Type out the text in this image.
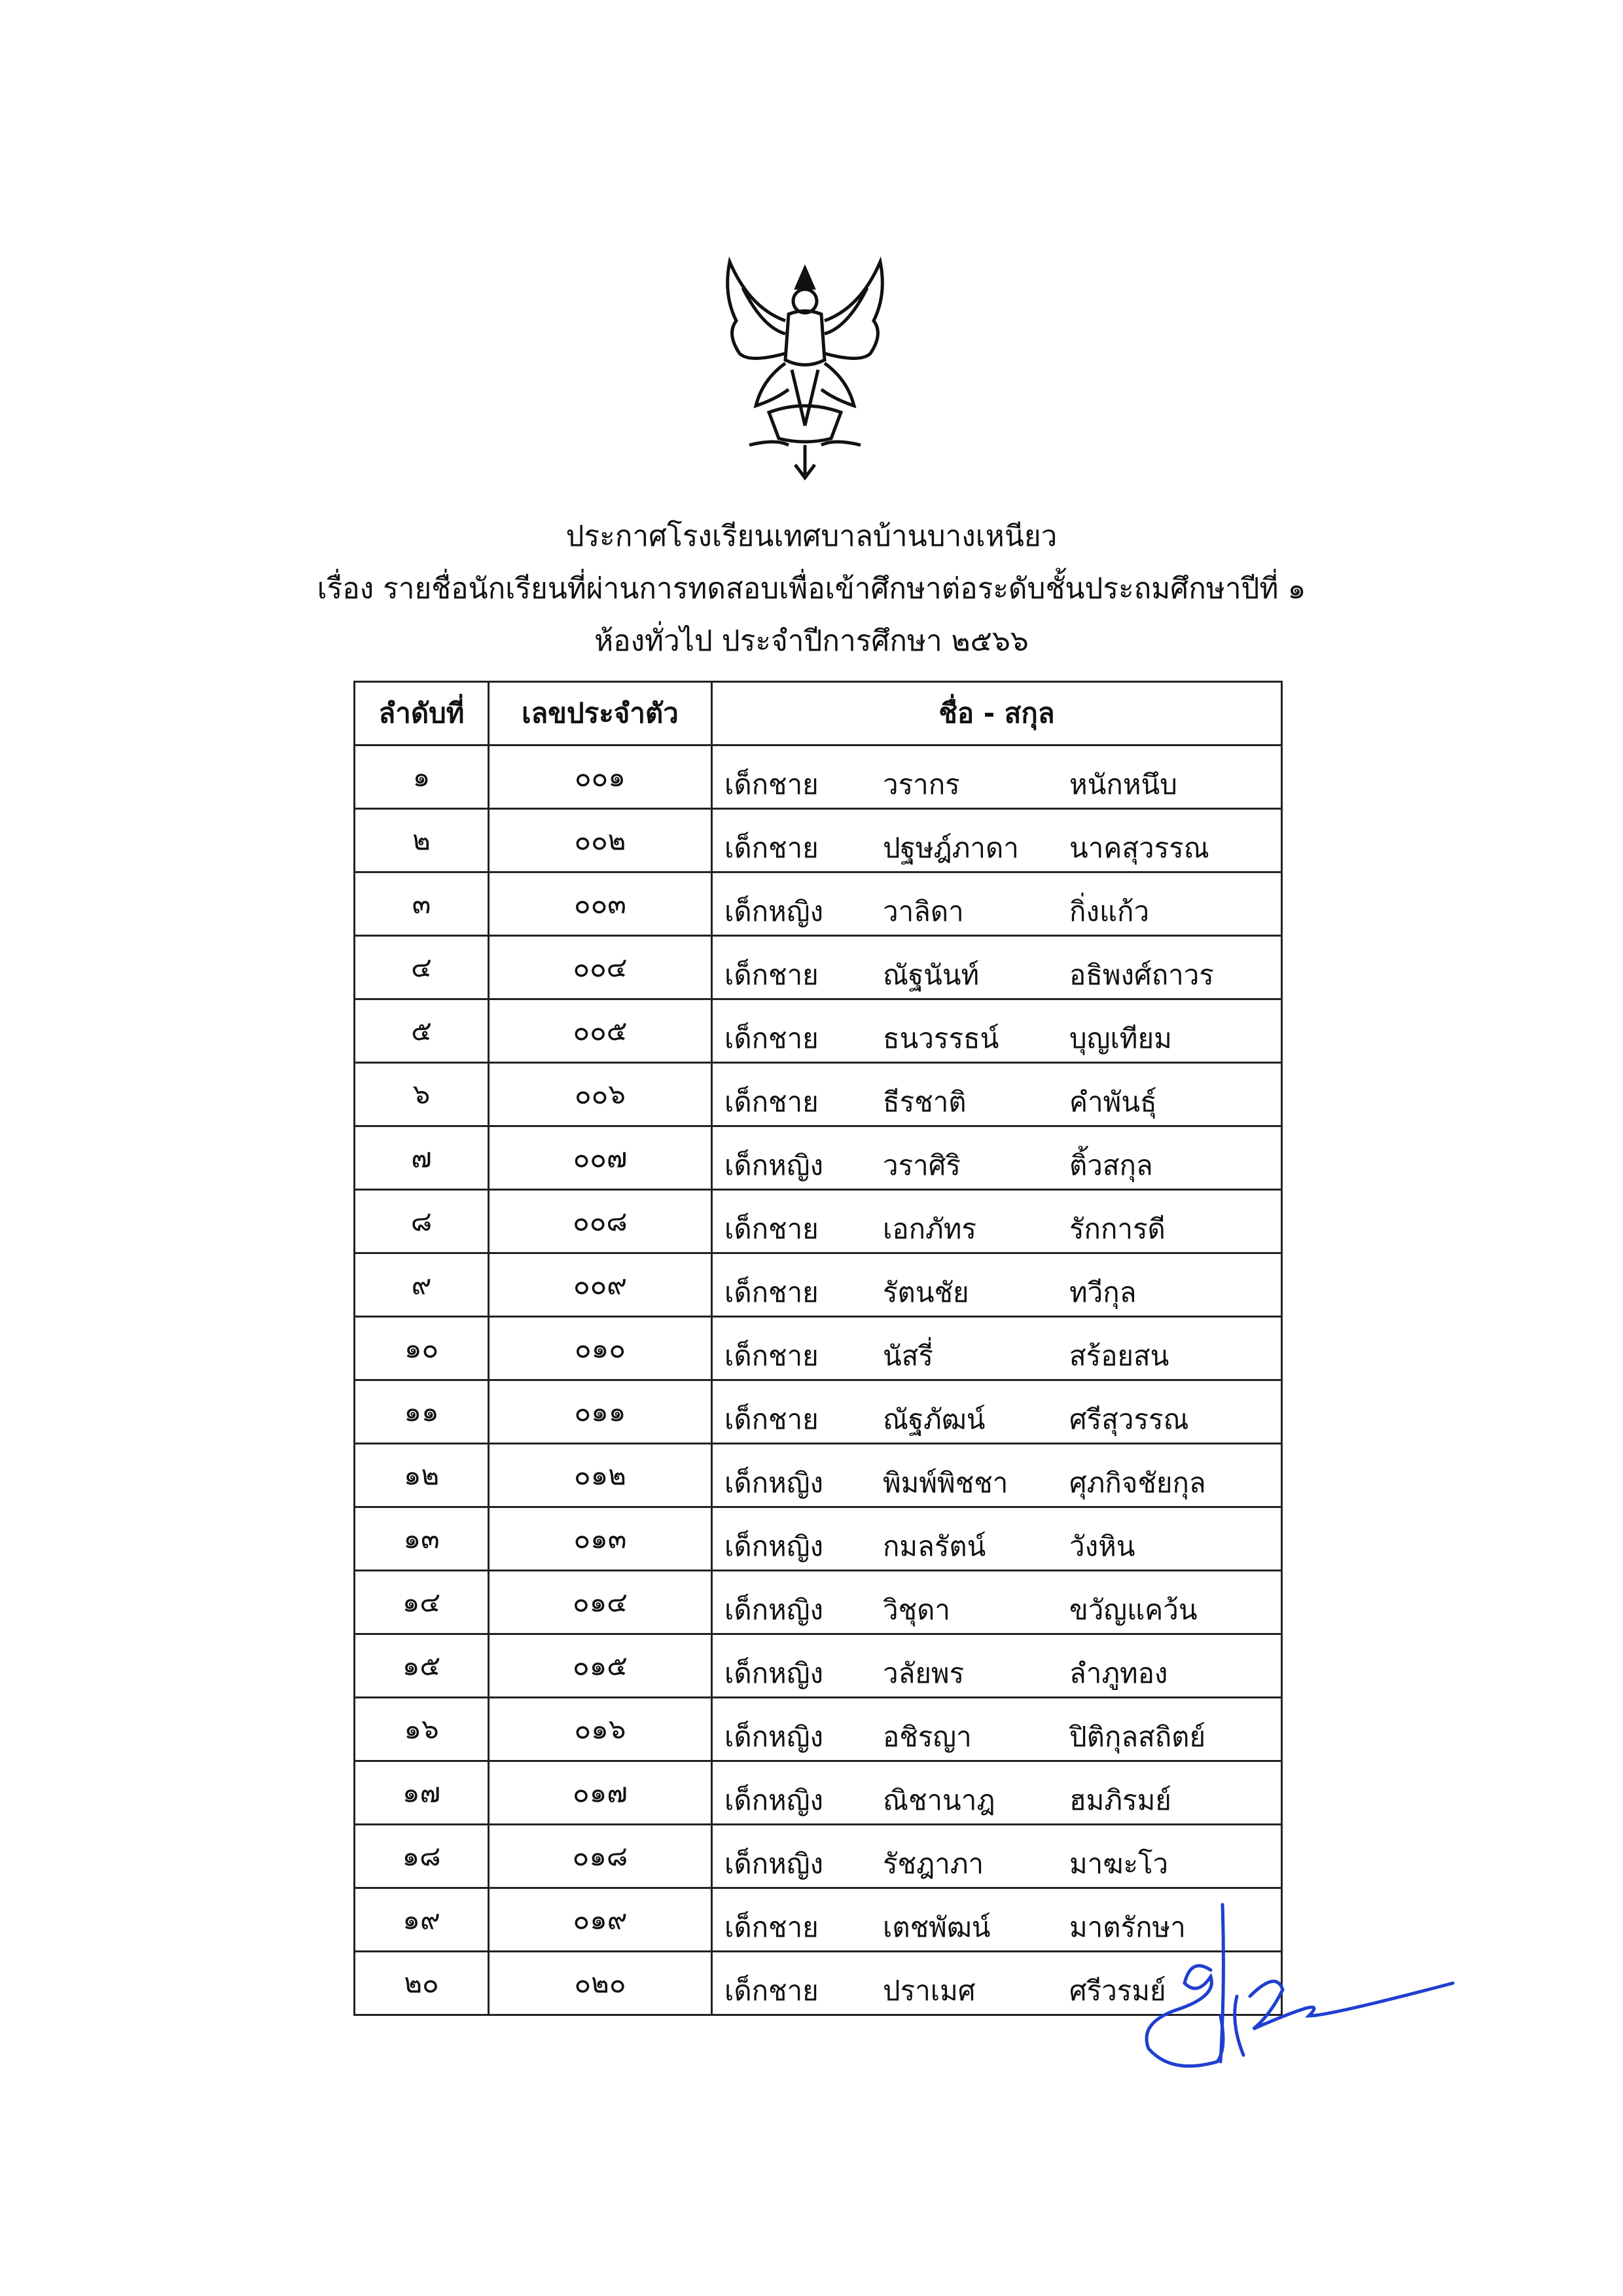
ประกาศโรงเรียนเทศบาลบ้านบางเหนียว
เรื่อง รายชื่อนักเรียนที่ผ่านการทดสอบเพื่อเข้าศึกษาต่อระดับชั้นประถมศึกษาปีที่ ๑
ห้องทั่วไป ประจำปีการศึกษา ๒๕๖๖
ลำดับที่	เลขประจำตัว	ชื่อ - สกุล
๑	๐๐๑	เด็กชาย วรากร หนักหนึบ

๒	๐๐๒	เด็กชาย ปฐษฎ์ภาดา นาคสุวรรณ

๓	๐๐๓	เด็กหญิง วาลิดา กิ่งแก้ว

๔	๐๐๔	เด็กชาย ณัฐนันท์ อธิพงศ์ถาวร

๕	๐๐๕	เด็กชาย ธนวรรธน์ บุญเทียม

๖	๐๐๖	เด็กชาย ธีรชาติ คำพันธุ์

๗	๐๐๗	เด็กหญิง วราศิริ ติ้วสกุล

๘	๐๐๘	เด็กชาย เอกภัทร รักการดี

๙	๐๐๙	เด็กชาย รัตนชัย ทวีกุล

๑๐	๐๑๐	เด็กชาย นัสรี่ สร้อยสน

๑๑	๐๑๑	เด็กชาย ณัฐภัฒน์ ศรีสุวรรณ

๑๒	๐๑๒	เด็กหญิง พิมพ์พิชชา ศุภกิจชัยกุล

๑๓	๐๑๓	เด็กหญิง กมลรัตน์ วังหิน

๑๔	๐๑๔	เด็กหญิง วิชุดา ขวัญแคว้น

๑๕	๐๑๕	เด็กหญิง วลัยพร ลำภูทอง

๑๖	๐๑๖	เด็กหญิง อชิรญา ปิติกุลสถิตย์

๑๗	๐๑๗	เด็กหญิง ณิชานาฎ ฮมภิรมย์

๑๘	๐๑๘	เด็กหญิง รัชฎาภา มาฆะโว

๑๙	๐๑๙	เด็กชาย เตชพัฒน์ มาตรักษา

๒๐	๐๒๐	เด็กชาย ปราเมศ ศรีวรมย์
